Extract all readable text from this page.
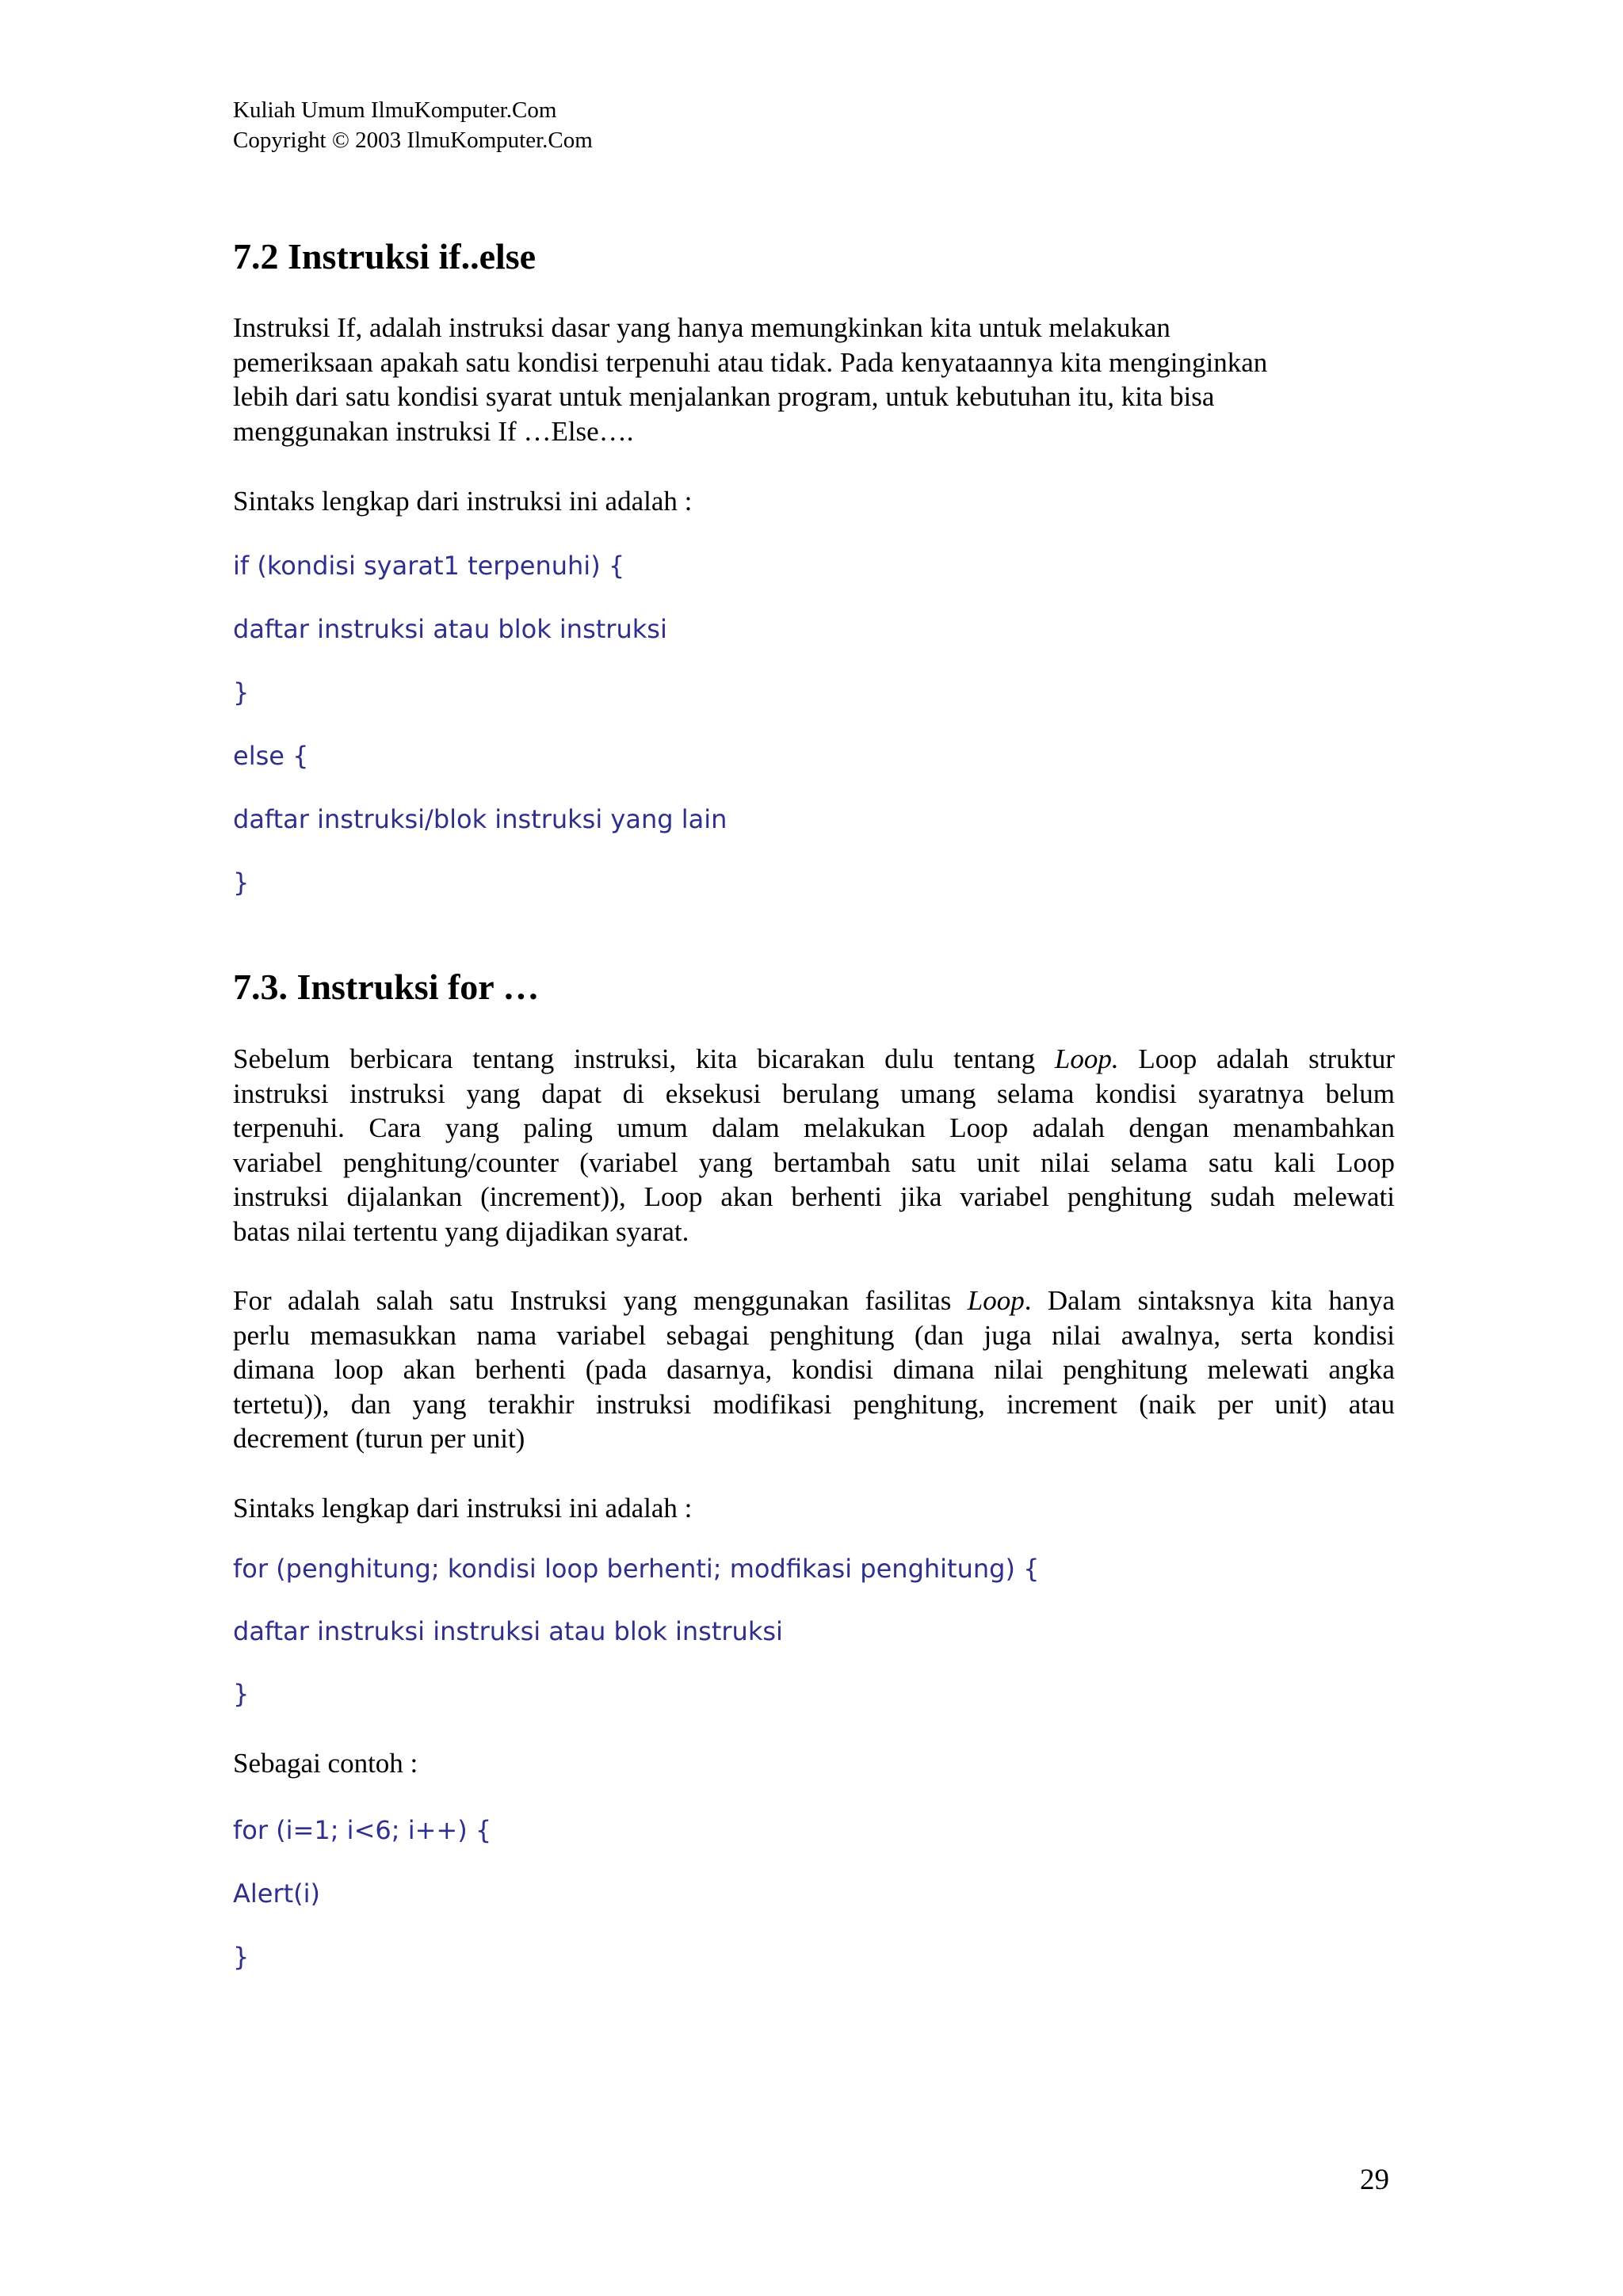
Kuliah Umum IlmuKomputer.Com
Copyright © 2003 IlmuKomputer.Com
7.2 Instruksi if..else
Instruksi If, adalah instruksi dasar yang hanya memungkinkan kita untuk melakukan
pemeriksaan apakah satu kondisi terpenuhi atau tidak. Pada kenyataannya kita menginginkan
lebih dari satu kondisi syarat untuk menjalankan program, untuk kebutuhan itu, kita bisa
menggunakan instruksi If …Else….
Sintaks lengkap dari instruksi ini adalah :
if (kondisi syarat1 terpenuhi) {
daftar instruksi atau blok instruksi
}
else {
daftar instruksi/blok instruksi yang lain
}
7.3. Instruksi for …
Sebelum berbicara tentang instruksi, kita bicarakan dulu tentang Loop. Loop adalah struktur
instruksi instruksi yang dapat di eksekusi berulang umang selama kondisi syaratnya belum
terpenuhi. Cara yang paling umum dalam melakukan Loop adalah dengan menambahkan
variabel penghitung/counter (variabel yang bertambah satu unit nilai selama satu kali Loop
instruksi dijalankan (increment)), Loop akan berhenti jika variabel penghitung sudah melewati
batas nilai tertentu yang dijadikan syarat.
For adalah salah satu Instruksi yang menggunakan fasilitas Loop. Dalam sintaksnya kita hanya
perlu memasukkan nama variabel sebagai penghitung (dan juga nilai awalnya, serta kondisi
dimana loop akan berhenti (pada dasarnya, kondisi dimana nilai penghitung melewati angka
tertetu)), dan yang terakhir instruksi modifikasi penghitung, increment (naik per unit) atau
decrement (turun per unit)
Sintaks lengkap dari instruksi ini adalah :
for (penghitung; kondisi loop berhenti; modfikasi penghitung) {
daftar instruksi instruksi atau blok instruksi
}
Sebagai contoh :
for (i=1; i<6; i++) {
Alert(i)
}
29
